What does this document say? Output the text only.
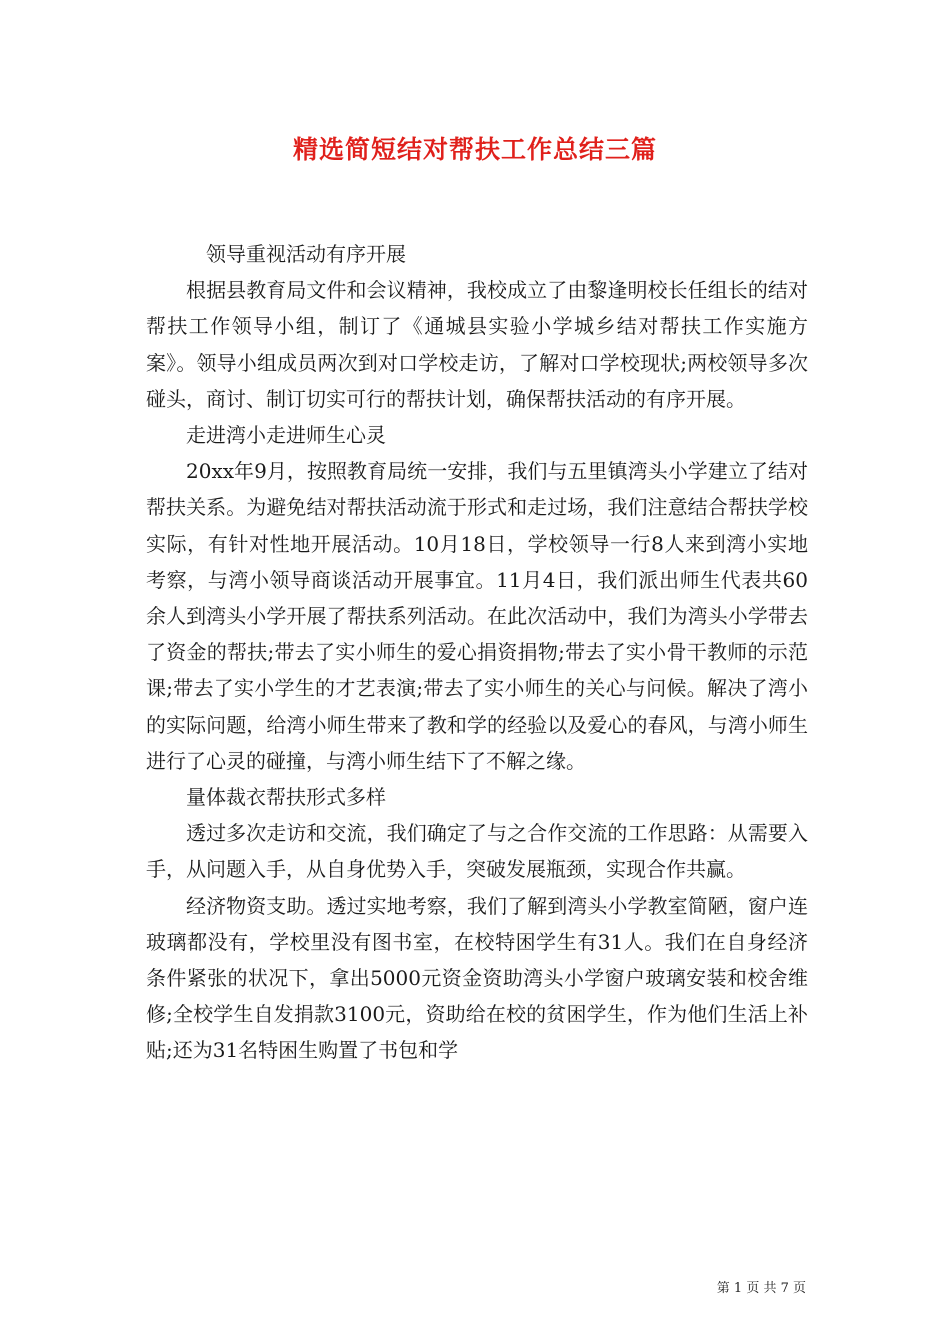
精选简短结对帮扶工作总结三篇

领导重视活动有序开展

根据县教育局文件和会议精神，我校成立了由黎逢明校长任组长的结对帮扶工作领导小组，制订了《通城县实验小学城乡结对帮扶工作实施方案》。领导小组成员两次到对口学校走访，了解对口学校现状;两校领导多次碰头，商讨、制订切实可行的帮扶计划，确保帮扶活动的有序开展。

走进湾小走进师生心灵

20xx年9月，按照教育局统一安排，我们与五里镇湾头小学建立了结对帮扶关系。为避免结对帮扶活动流于形式和走过场，我们注意结合帮扶学校实际，有针对性地开展活动。10月18日，学校领导一行8人来到湾小实地考察，与湾小领导商谈活动开展事宜。11月4日，我们派出师生代表共60余人到湾头小学开展了帮扶系列活动。在此次活动中，我们为湾头小学带去了资金的帮扶;带去了实小师生的爱心捐资捐物;带去了实小骨干教师的示范课;带去了实小学生的才艺表演;带去了实小师生的关心与问候。解决了湾小的实际问题，给湾小师生带来了教和学的经验以及爱心的春风，与湾小师生进行了心灵的碰撞，与湾小师生结下了不解之缘。

量体裁衣帮扶形式多样

透过多次走访和交流，我们确定了与之合作交流的工作思路：从需要入手，从问题入手，从自身优势入手，突破发展瓶颈，实现合作共赢。

经济物资支助。透过实地考察，我们了解到湾头小学教室简陋，窗户连玻璃都没有，学校里没有图书室，在校特困学生有31人。我们在自身经济条件紧张的状况下，拿出5000元资金资助湾头小学窗户玻璃安装和校舍维修;全校学生自发捐款3100元，资助给在校的贫困学生，作为他们生活上补贴;还为31名特困生购置了书包和学

第 1 页 共 7 页
